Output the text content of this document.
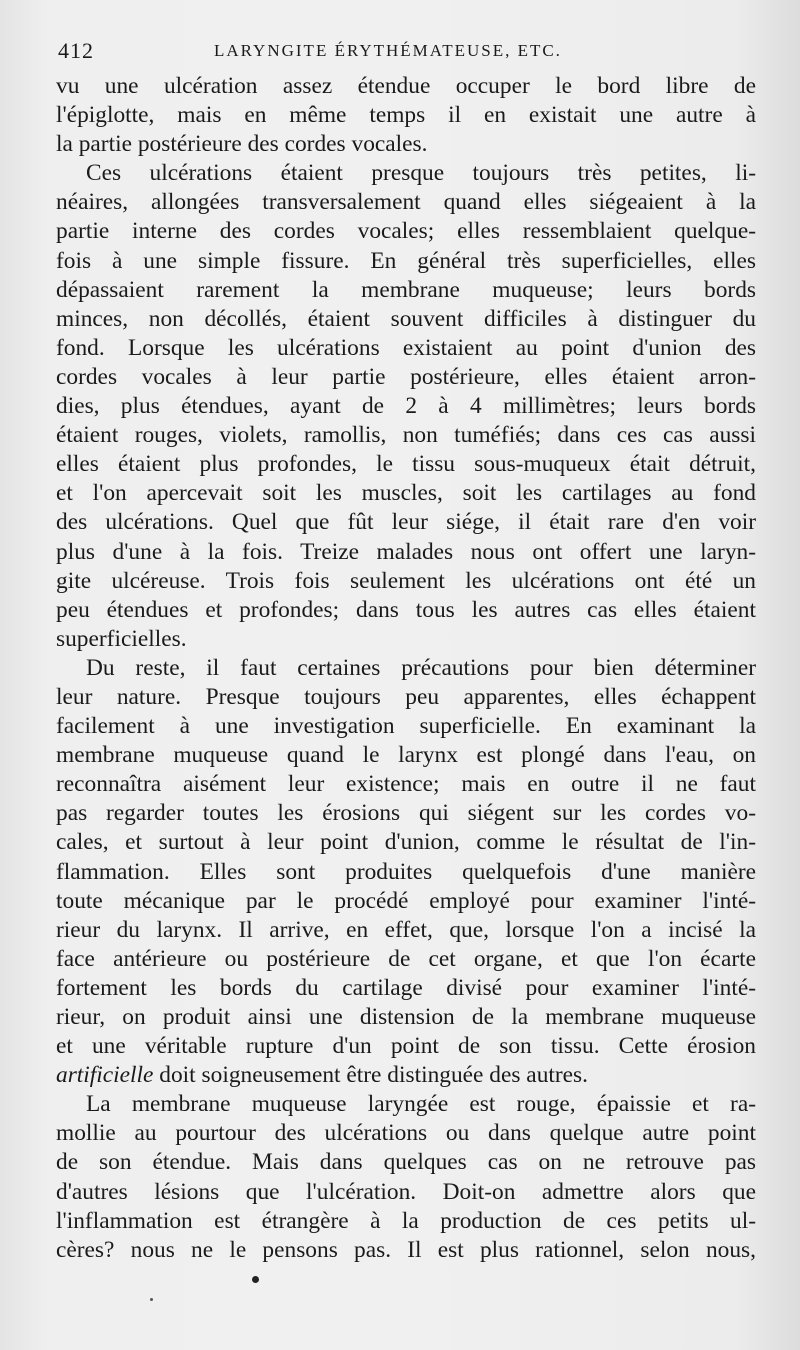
412	LARYNGITE ÉRYTHÉMATEUSE, ETC.

vu une ulcération assez étendue occuper le bord libre de
l'épiglotte, mais en même temps il en existait une autre à
la partie postérieure des cordes vocales.

Ces ulcérations étaient presque toujours très petites, li-
néaires, allongées transversalement quand elles siégeaient à la
partie interne des cordes vocales; elles ressemblaient quelque-
fois à une simple fissure. En général très superficielles, elles
dépassaient rarement la membrane muqueuse; leurs bords
minces, non décollés, étaient souvent difficiles à distinguer du
fond. Lorsque les ulcérations existaient au point d'union des
cordes vocales à leur partie postérieure, elles étaient arron-
dies, plus étendues, ayant de 2 à 4 millimètres; leurs bords
étaient rouges, violets, ramollis, non tuméfiés; dans ces cas aussi
elles étaient plus profondes, le tissu sous-muqueux était détruit,
et l'on apercevait soit les muscles, soit les cartilages au fond
des ulcérations. Quel que fût leur siége, il était rare d'en voir
plus d'une à la fois. Treize malades nous ont offert une laryn-
gite ulcéreuse. Trois fois seulement les ulcérations ont été un
peu étendues et profondes; dans tous les autres cas elles étaient
superficielles.

Du reste, il faut certaines précautions pour bien déterminer
leur nature. Presque toujours peu apparentes, elles échappent
facilement à une investigation superficielle. En examinant la
membrane muqueuse quand le larynx est plongé dans l'eau, on
reconnaîtra aisément leur existence; mais en outre il ne faut
pas regarder toutes les érosions qui siégent sur les cordes vo-
cales, et surtout à leur point d'union, comme le résultat de l'in-
flammation. Elles sont produites quelquefois d'une manière
toute mécanique par le procédé employé pour examiner l'inté-
rieur du larynx. Il arrive, en effet, que, lorsque l'on a incisé la
face antérieure ou postérieure de cet organe, et que l'on écarte
fortement les bords du cartilage divisé pour examiner l'inté-
rieur, on produit ainsi une distension de la membrane muqueuse
et une véritable rupture d'un point de son tissu. Cette érosion
artificielle doit soigneusement être distinguée des autres.

La membrane muqueuse laryngée est rouge, épaissie et ra-
mollie au pourtour des ulcérations ou dans quelque autre point
de son étendue. Mais dans quelques cas on ne retrouve pas
d'autres lésions que l'ulcération. Doit-on admettre alors que
l'inflammation est étrangère à la production de ces petits ul-
cères? nous ne le pensons pas. Il est plus rationnel, selon nous,
